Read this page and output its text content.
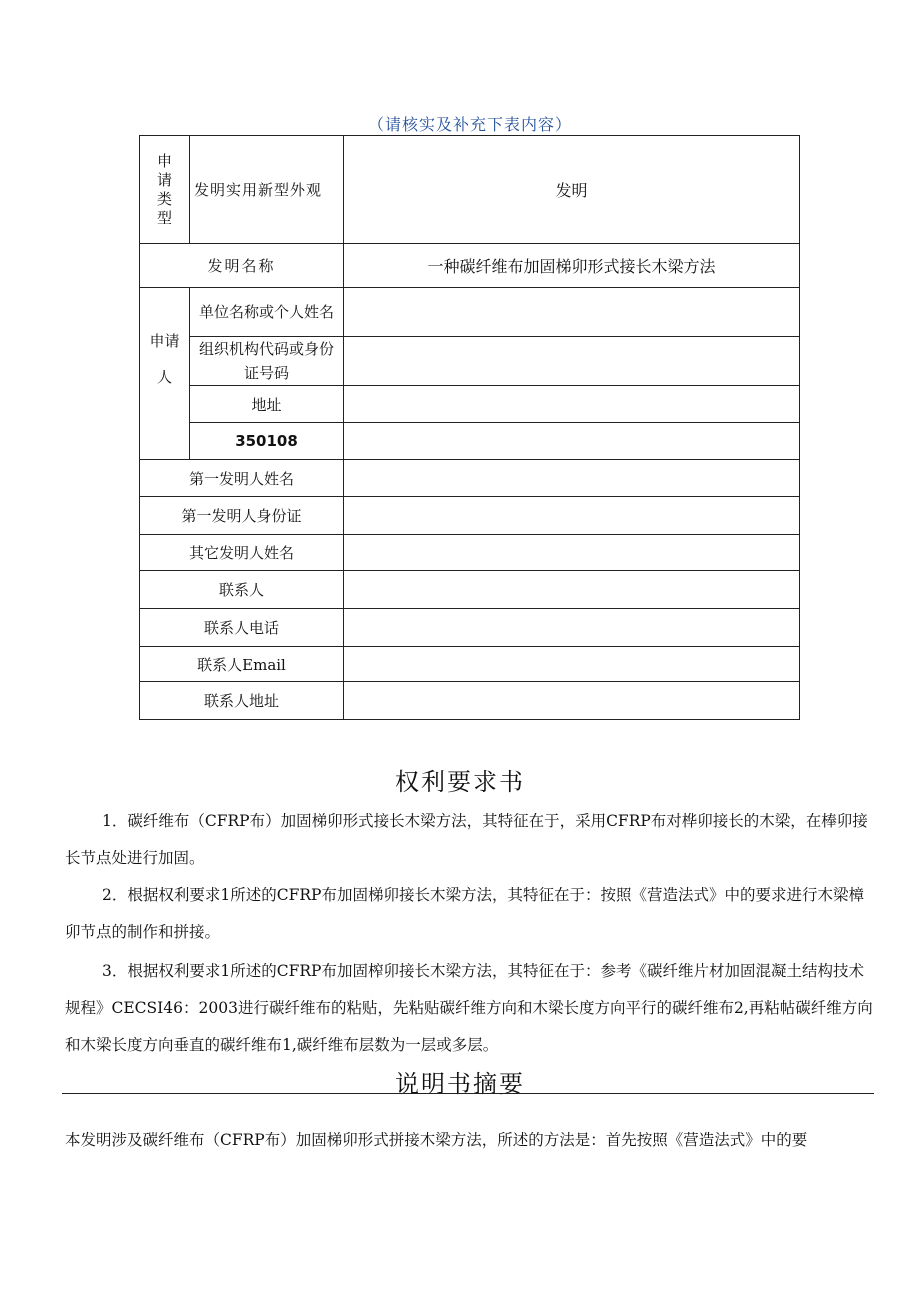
（请核实及补充下表内容）
申
请
类
型	发明实用新型外观	发明
发明名称		一种碳纤维布加固梯卯形式接长木梁方法

申请
人	单位名称或个人姓名	
	组织机构代码或身份证号码	
	地址	
	350108	
第一发明人姓名		
第一发明人身份证		
其它发明人姓名		
联系人		
联系人电话		
联系人Email		
联系人地址		
权利要求书

1．碳纤维布（CFRP布）加固梯卯形式接长木梁方法，其特征在于，采用CFRP布对桦卯接长的木梁，在棒卯接长节点处进行加固。

2．根据权利要求1所述的CFRP布加固梯卯接长木梁方法，其特征在于：按照《营造法式》中的要求进行木梁樟卯节点的制作和拼接。

3．根据权利要求1所述的CFRP布加固榨卯接长木梁方法，其特征在于：参考《碳纤维片材加固混凝土结构技术规程》CECSI46：2003进行碳纤维布的粘贴，先粘贴碳纤维方向和木梁长度方向平行的碳纤维布2,再粘帖碳纤维方向和木梁长度方向垂直的碳纤维布1,碳纤维布层数为一层或多层。

说明书摘要

本发明涉及碳纤维布（CFRP布）加固梯卯形式拼接木梁方法，所述的方法是：首先按照《营造法式》中的要
